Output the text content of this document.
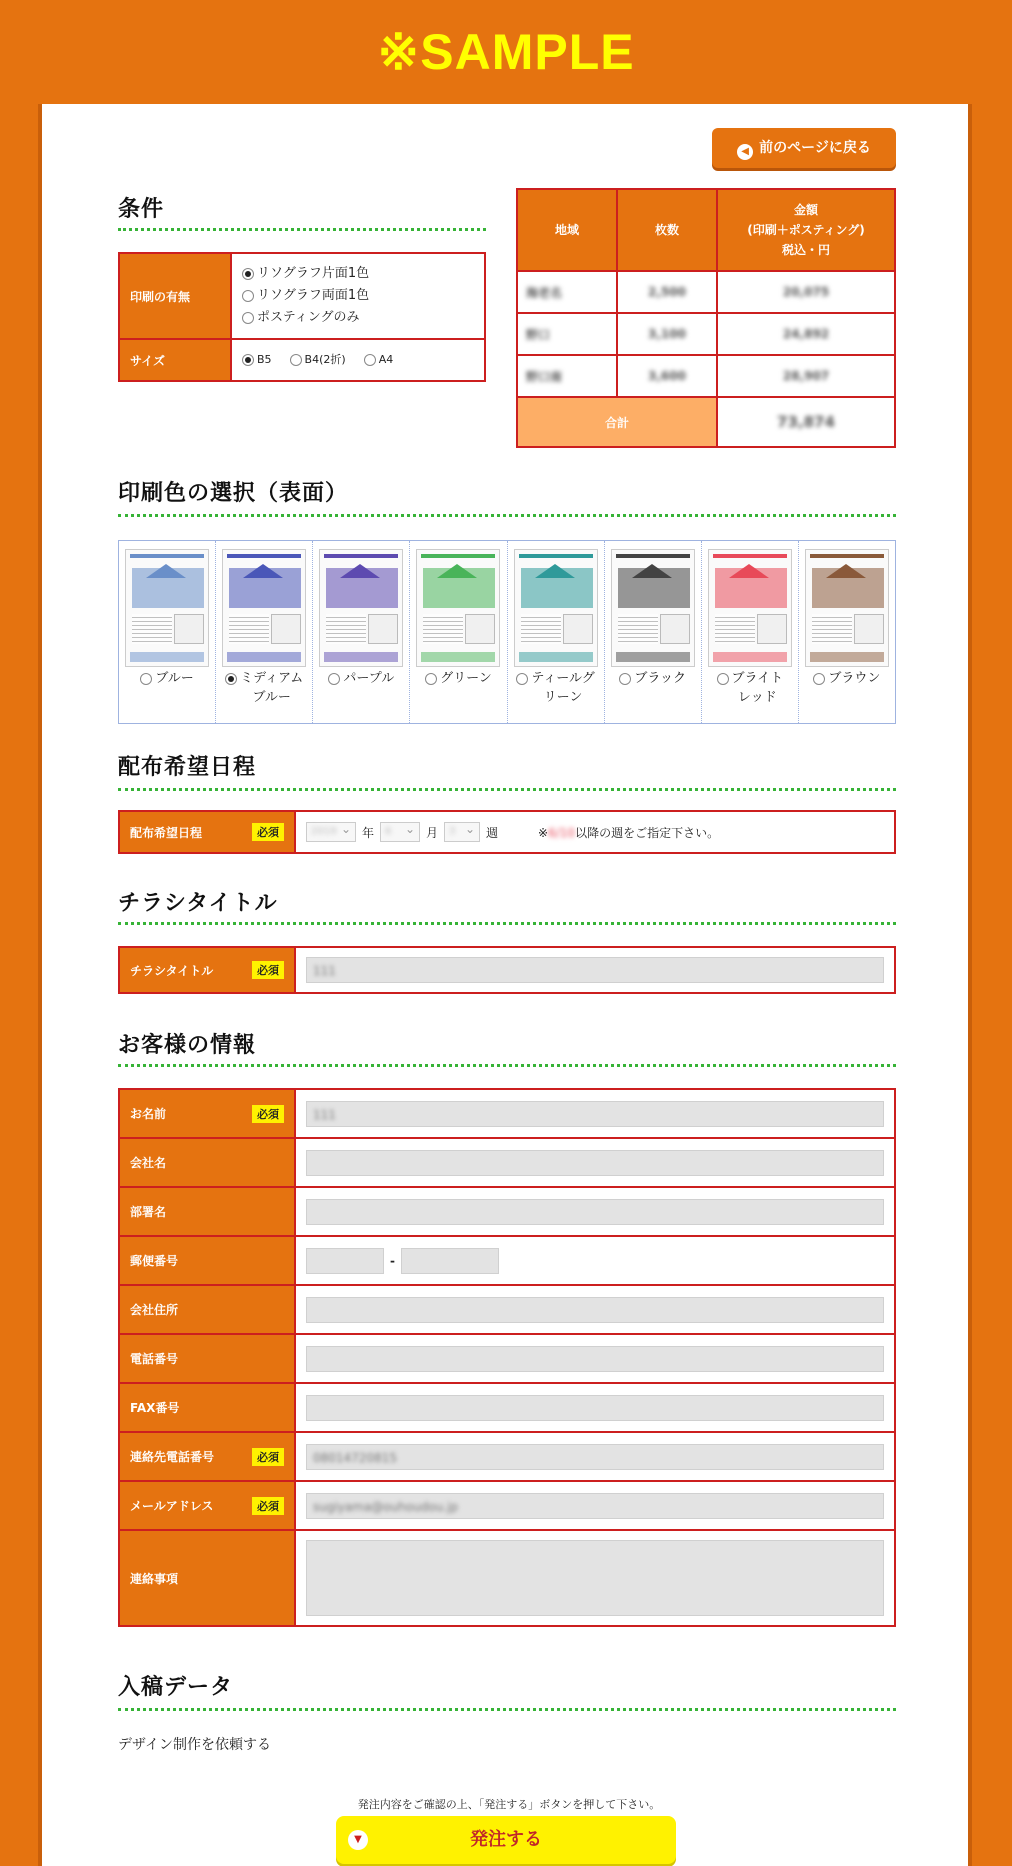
※SAMPLE
◀ 前のページに戻る
条件
印刷の有無	リソグラフ片面1色
リソグラフ両面1色
ポスティングのみ

サイズ	B5 B4(2折) A4
地域	枚数	金額
(印刷＋ポスティング)
税込・円
海老名	2,500	20,075
野口	3,100	24,892
野口南	3,600	28,907
合計		73,874
印刷色の選択（表面）
ブルー	ミディアム
ブルー
パープル	グリーン	ティールグ
リーン
ブラック	ブライト
レッド
ブラウン
配布希望日程
配布希望日程	必須	2019 ⌄	年	6 ⌄	月	3 ⌄	週	※6/10以降の週をご指定下さい。
チラシタイトル
チラシタイトル	必須	111
お客様の情報
お名前	必須	111
会社名
部署名
郵便番号	-
会社住所
電話番号
FAX番号
連絡先電話番号	必須	08014720815
メールアドレス	必須	sugiyama@ouhoudou.jp
連絡事項
入稿データ
デザイン制作を依頼する
発注内容をご確認の上、「発注する」ボタンを押して下さい。
▼	発注する
